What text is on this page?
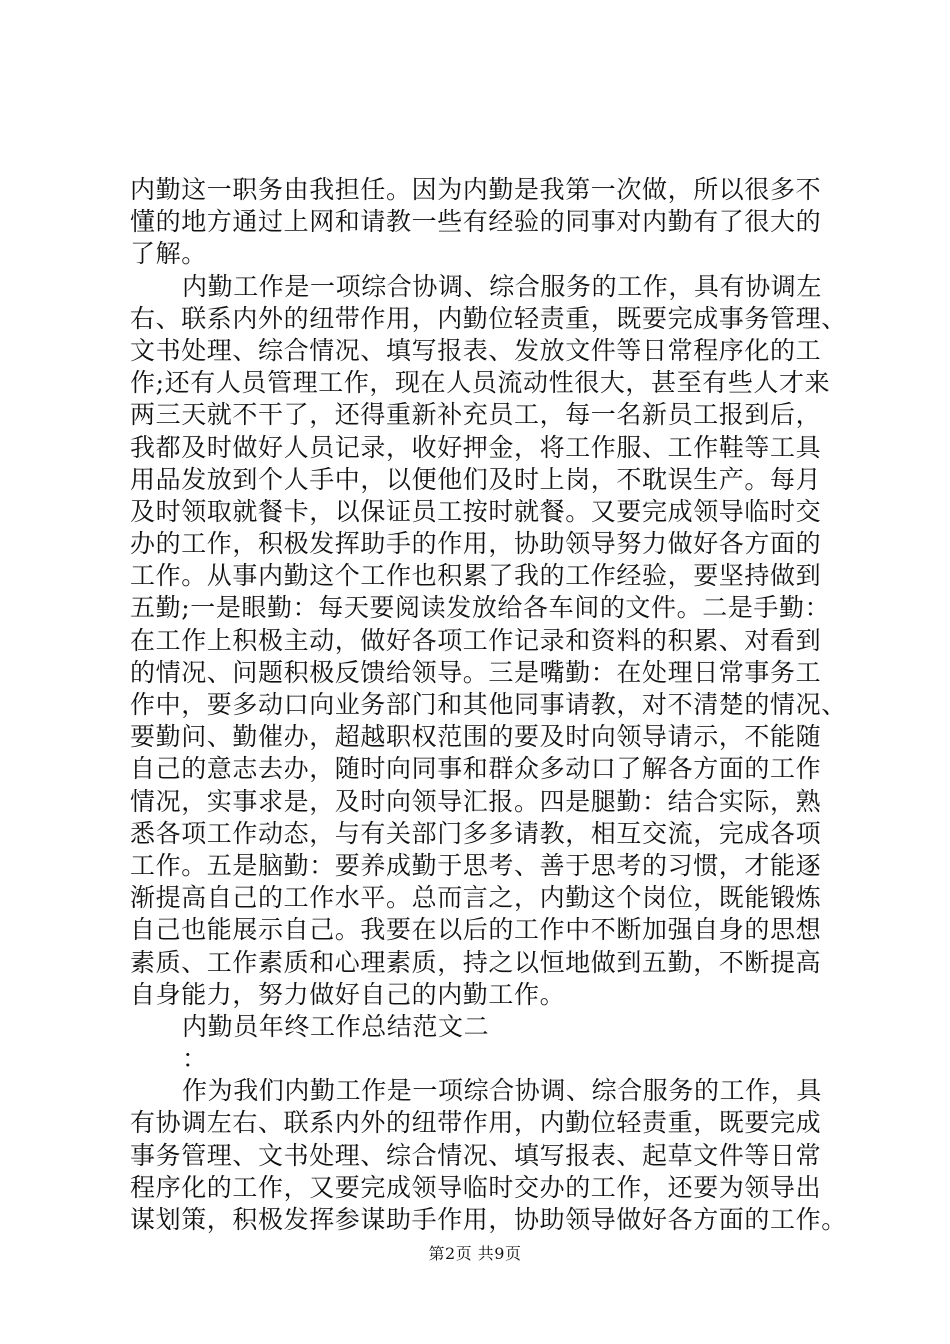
内勤这一职务由我担任。因为内勤是我第一次做，所以很多不
懂的地方通过上网和请教一些有经验的同事对内勤有了很大的
了解。
内勤工作是一项综合协调、综合服务的工作，具有协调左
右、联系内外的纽带作用，内勤位轻责重，既要完成事务管理、
文书处理、综合情况、填写报表、发放文件等日常程序化的工
作;还有人员管理工作，现在人员流动性很大，甚至有些人才来
两三天就不干了，还得重新补充员工，每一名新员工报到后，
我都及时做好人员记录，收好押金，将工作服、工作鞋等工具
用品发放到个人手中，以便他们及时上岗，不耽误生产。每月
及时领取就餐卡，以保证员工按时就餐。又要完成领导临时交
办的工作，积极发挥助手的作用，协助领导努力做好各方面的
工作。从事内勤这个工作也积累了我的工作经验，要坚持做到
五勤;一是眼勤：每天要阅读发放给各车间的文件。二是手勤：
在工作上积极主动，做好各项工作记录和资料的积累、对看到
的情况、问题积极反馈给领导。三是嘴勤：在处理日常事务工
作中，要多动口向业务部门和其他同事请教，对不清楚的情况、
要勤问、勤催办，超越职权范围的要及时向领导请示，不能随
自己的意志去办，随时向同事和群众多动口了解各方面的工作
情况，实事求是，及时向领导汇报。四是腿勤：结合实际，熟
悉各项工作动态，与有关部门多多请教，相互交流，完成各项
工作。五是脑勤：要养成勤于思考、善于思考的习惯，才能逐
渐提高自己的工作水平。总而言之，内勤这个岗位，既能锻炼
自己也能展示自己。我要在以后的工作中不断加强自身的思想
素质、工作素质和心理素质，持之以恒地做到五勤，不断提高
自身能力，努力做好自己的内勤工作。
内勤员年终工作总结范文二
：
作为我们内勤工作是一项综合协调、综合服务的工作，具
有协调左右、联系内外的纽带作用，内勤位轻责重，既要完成
事务管理、文书处理、综合情况、填写报表、起草文件等日常
程序化的工作，又要完成领导临时交办的工作，还要为领导出
谋划策，积极发挥参谋助手作用，协助领导做好各方面的工作。
第2页 共9页
